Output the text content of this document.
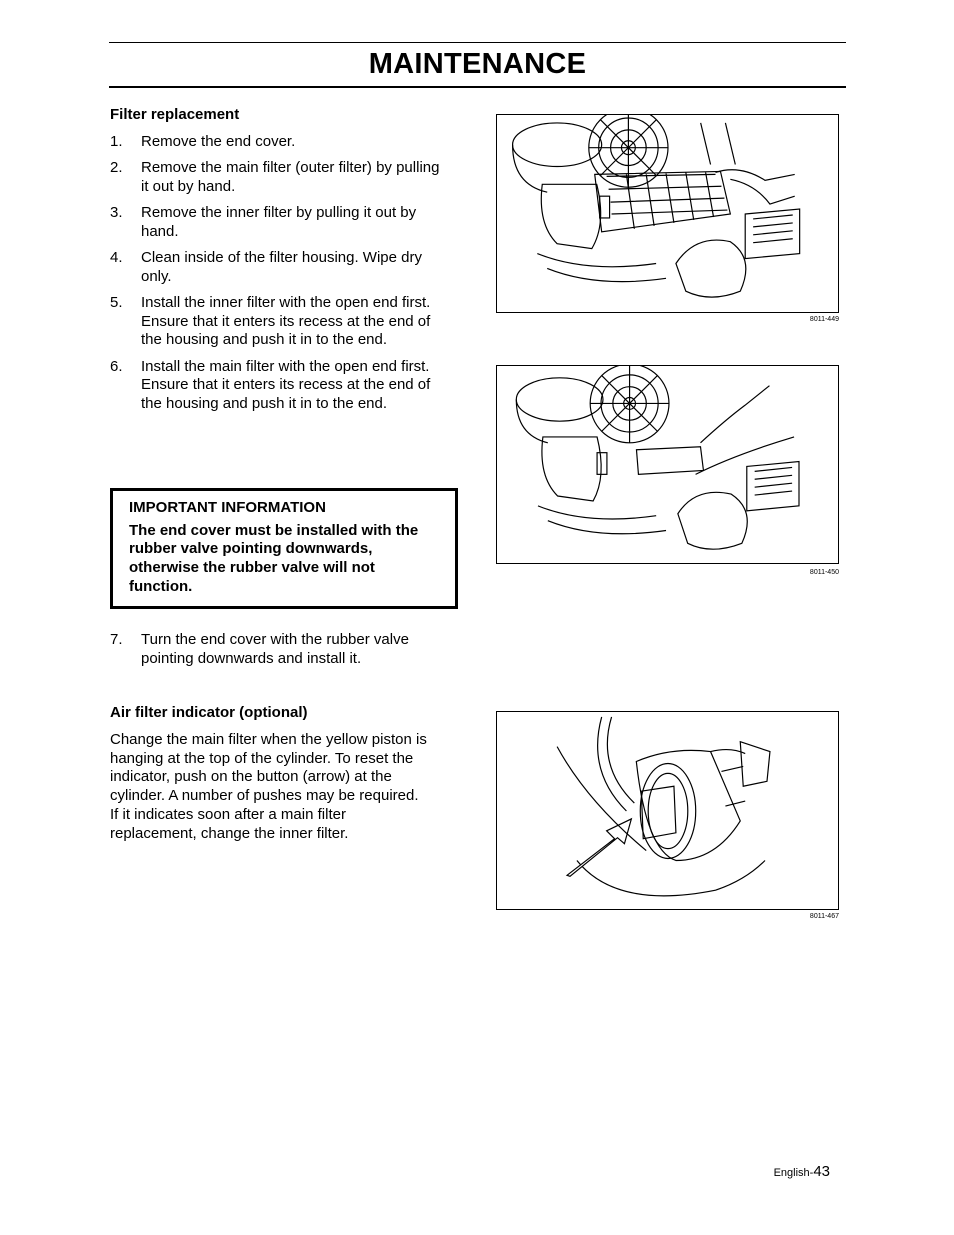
MAINTENANCE
Filter replacement
1. Remove the end cover.
2. Remove the main filter (outer filter) by pulling it out by hand.
3. Remove the inner filter by pulling it out by hand.
4. Clean inside of the filter housing. Wipe dry only.
5. Install the inner filter with the open end first. Ensure that it enters its recess at the end of the housing and push it in to the end.
6. Install the main filter with the open end first. Ensure that it enters its recess at the end of the housing and push it in to the end.
IMPORTANT INFORMATION
The end cover must be installed with the rubber valve pointing downwards, otherwise the rubber valve will not function.
7. Turn the end cover with the rubber valve pointing downwards and install it.
Air filter indicator (optional)
Change the main filter when the yellow piston is hanging at the top of the cylinder. To reset the indicator, push on the button (arrow) at the cylinder. A number of pushes may be required. If it indicates soon after a main filter replacement, change the inner filter.
8011-449
8011-450
8011-467
English-43
